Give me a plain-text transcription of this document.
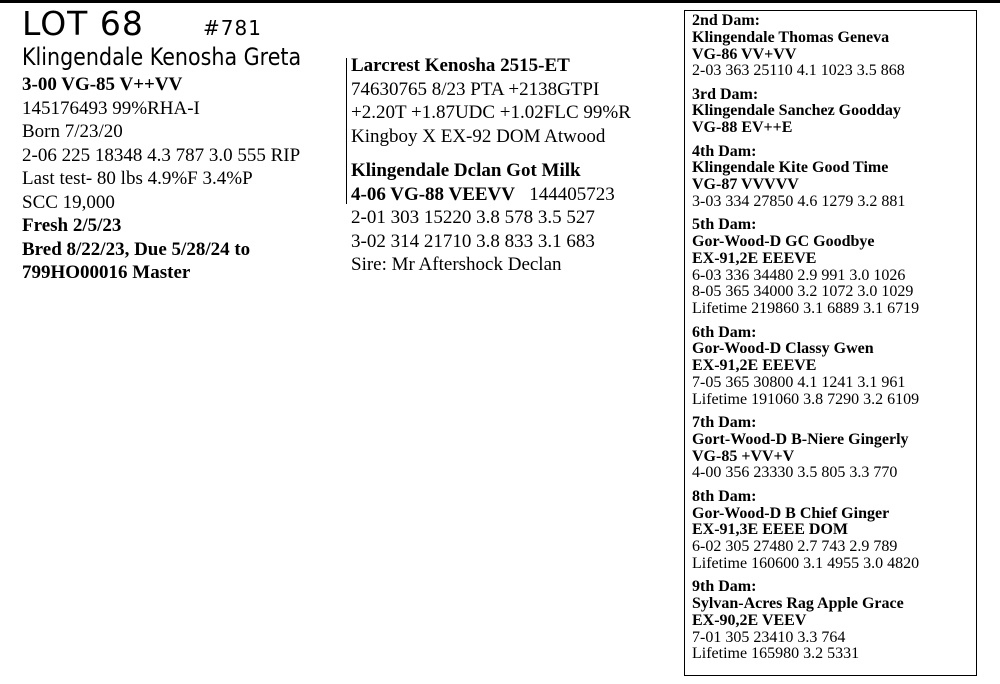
LOT 68	#781
Klingendale Kenosha Greta
3-00 VG-85 V++VV
145176493 99%RHA-I
Born 7/23/20
2-06 225 18348 4.3 787 3.0 555 RIP
Last test- 80 lbs 4.9%F 3.4%P
SCC 19,000
Fresh 2/5/23
Bred 8/22/23, Due 5/28/24 to
799HO00016 Master
Larcrest Kenosha 2515-ET
74630765 8/23 PTA +2138GTPI
+2.20T +1.87UDC +1.02FLC 99%R
Kingboy X EX-92 DOM Atwood
Klingendale Dclan Got Milk
4-06 VG-88 VEEVV 144405723
2-01 303 15220 3.8 578 3.5 527
3-02 314 21710 3.8 833 3.1 683
Sire: Mr Aftershock Declan
2nd Dam:
Klingendale Thomas Geneva
VG-86 VV+VV
2-03 363 25110 4.1 1023 3.5 868
3rd Dam:
Klingendale Sanchez Goodday
VG-88 EV++E
4th Dam:
Klingendale Kite Good Time
VG-87 VVVVV
3-03 334 27850 4.6 1279 3.2 881
5th Dam:
Gor-Wood-D GC Goodbye
EX-91,2E EEEVE
6-03 336 34480 2.9 991 3.0 1026
8-05 365 34000 3.2 1072 3.0 1029
Lifetime 219860 3.1 6889 3.1 6719
6th Dam:
Gor-Wood-D Classy Gwen
EX-91,2E EEEVE
7-05 365 30800 4.1 1241 3.1 961
Lifetime 191060 3.8 7290 3.2 6109
7th Dam:
Gort-Wood-D B-Niere Gingerly
VG-85 +VV+V
4-00 356 23330 3.5 805 3.3 770
8th Dam:
Gor-Wood-D B Chief Ginger
EX-91,3E EEEE DOM
6-02 305 27480 2.7 743 2.9 789
Lifetime 160600 3.1 4955 3.0 4820
9th Dam:
Sylvan-Acres Rag Apple Grace
EX-90,2E VEEV
7-01 305 23410 3.3 764
Lifetime 165980 3.2 5331
